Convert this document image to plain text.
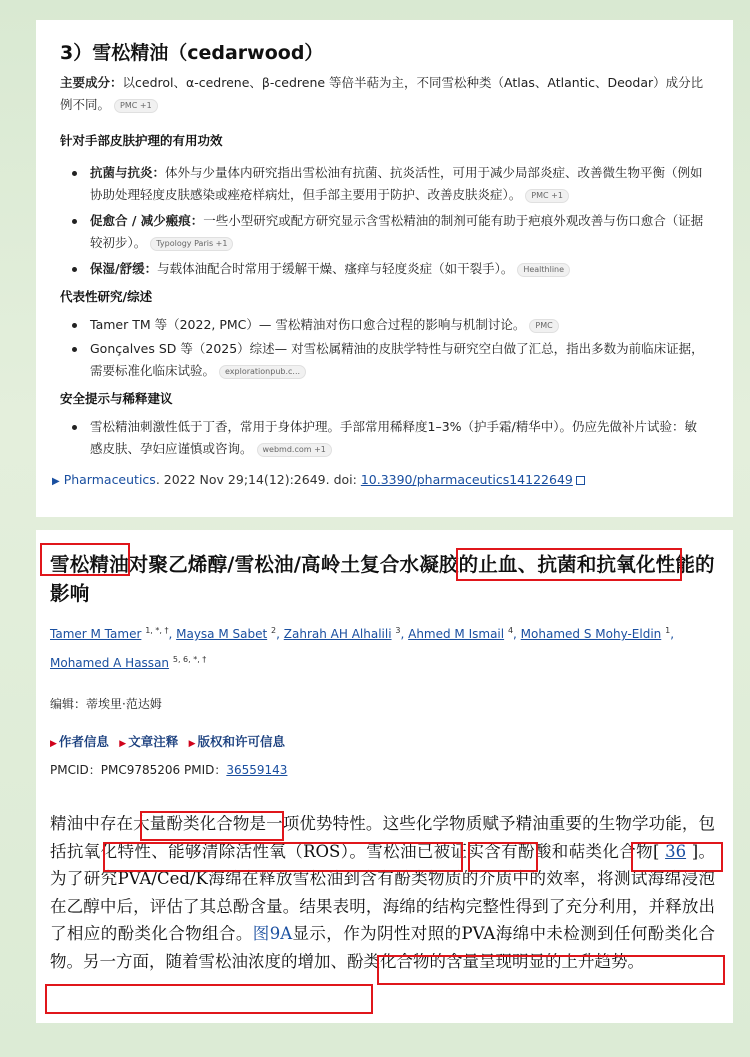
3）雪松精油（cedarwood）
主要成分：以cedrol、α-cedrene、β-cedrene 等倍半萜为主，不同雪松种类（Atlas、Atlantic、Deodar）成分比例不同。 PMC +1
针对手部皮肤护理的有用功效
抗菌与抗炎：体外与少量体内研究指出雪松油有抗菌、抗炎活性，可用于减少局部炎症、改善微生物平衡（例如协助处理轻度皮肤感染或痤疮样病灶，但手部主要用于防护、改善皮肤炎症）。 PMC +1
促愈合 / 减少瘢痕：一些小型研究或配方研究显示含雪松精油的制剂可能有助于疤痕外观改善与伤口愈合（证据较初步）。 Typology Paris +1
保湿/舒缓：与载体油配合时常用于缓解干燥、瘙痒与轻度炎症（如干裂手）。 Healthline
代表性研究/综述
Tamer TM 等（2022, PMC）— 雪松精油对伤口愈合过程的影响与机制讨论。 PMC
Gonçalves SD 等（2025）综述— 对雪松属精油的皮肤学特性与研究空白做了汇总，指出多数为前临床证据，需要标准化临床试验。 explorationpub.c...
安全提示与稀释建议
雪松精油刺激性低于丁香，常用于身体护理。手部常用稀释度1–3%（护手霜/精华中）。仍应先做补片试验：敏感皮肤、孕妇应谨慎或咨询。 webmd.com +1
▶ Pharmaceutics. 2022 Nov 29;14(12):2649. doi: 10.3390/pharmaceutics14122649
雪松精油对聚乙烯醇/雪松油/高岭土复合水凝胶的止血、抗菌和抗氧化性能的影响
Tamer M Tamer $^{1, *, \dagger}$, Maysa M Sabet $^2$, Zahrah AH Alhalili $^3$, Ahmed M Ismail $^4$, Mohamed S Mohy-Eldin $^1$,
Mohamed A Hassan $^{5, 6, *, \dagger}$
编辑：蒂埃里·范达姆
▶ 作者信息 ▶ 文章注释 ▶ 版权和许可信息
PMCID：PMC9785206 PMID：36559143
精油中存在大量酚类化合物是一项优势特性。这些化学物质赋予精油重要的生物学功能，包括抗氧化特性、能够清除活性氧（ROS）。雪松油已被证实含有酚酸和萜类化合物[ 36 ]。为了研究PVA/Ced/K海绵在释放雪松油到含有酚类物质的介质中的效率，将测试海绵浸泡在乙醇中后，评估了其总酚含量。结果表明，海绵的结构完整性得到了充分利用，并释放出了相应的酚类化合物组合。图9A显示，作为阴性对照的PVA海绵中未检测到任何酚类化合物。另一方面，随着雪松油浓度的增加、酚类化合物的含量呈现明显的上升趋势。
